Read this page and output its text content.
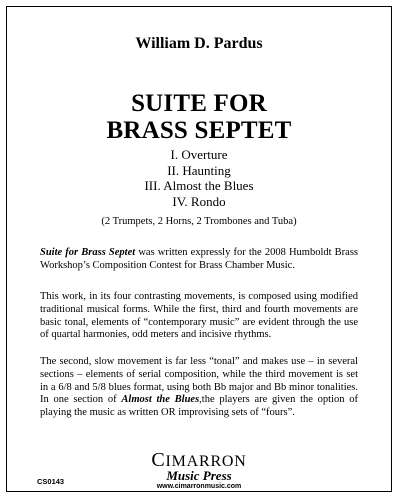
William D. Pardus
SUITE FOR
BRASS SEPTET
I. Overture
II. Haunting
III. Almost the Blues
IV. Rondo
(2 Trumpets, 2 Horns, 2 Trombones and Tuba)
Suite for Brass Septet was written expressly for the 2008 Humboldt Brass Workshop’s Composition Contest for Brass Chamber Music.
This work, in its four contrasting movements, is composed using modified traditional musical forms. While the first, third and fourth movements are basic tonal, elements of “contemporary music” are evident through the use of quartal harmonies, odd meters and incisive rhythms.
The second, slow movement is far less “tonal” and makes use – in several sections – elements of serial composition, while the third movement is set in a 6/8 and 5/8 blues format, using both Bb major and Bb minor tonalities. In one section of Almost the Blues,the players are given the option of playing the music as written OR improvising sets of “fours”.
CIMARRON
Music Press
www.cimarronmusic.com
CS0143
